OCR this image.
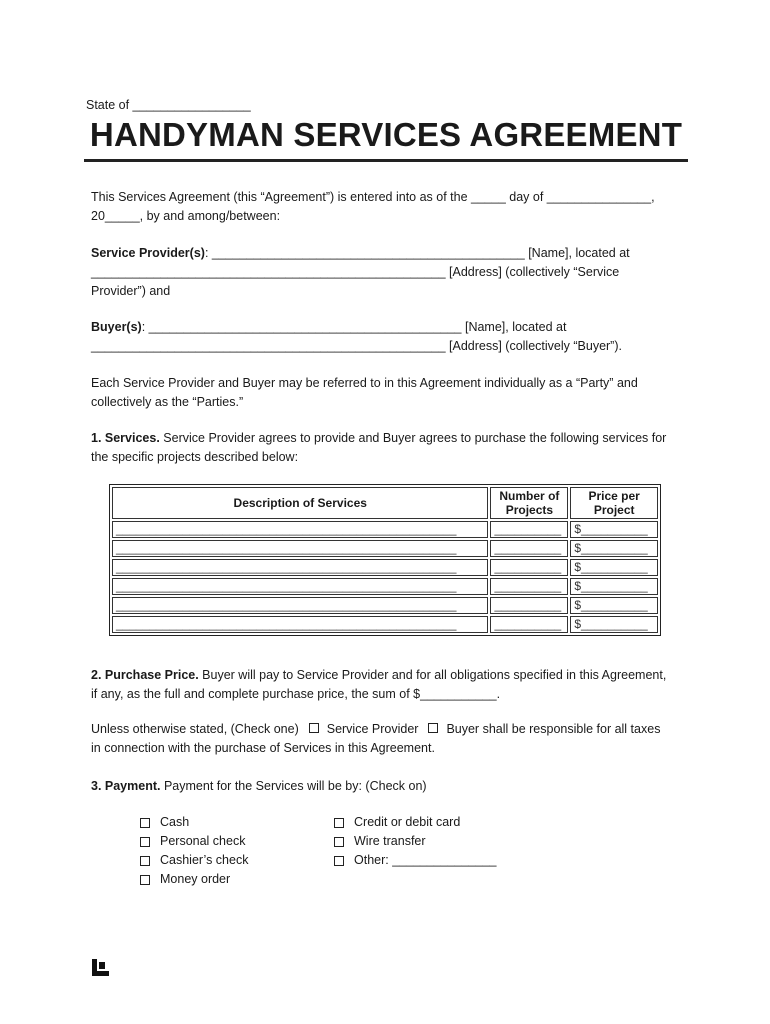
State of _________________
HANDYMAN SERVICES AGREEMENT
This Services Agreement (this “Agreement”) is entered into as of the _____ day of _______________,
20_____, by and among/between:
Service Provider(s): _____________________________________________ [Name], located at
___________________________________________________ [Address] (collectively “Service
Provider”) and
Buyer(s): _____________________________________________ [Name], located at
___________________________________________________ [Address] (collectively “Buyer”).
Each Service Provider and Buyer may be referred to in this Agreement individually as a “Party” and
collectively as the “Parties.”
1. Services. Service Provider agrees to provide and Buyer agrees to purchase the following services for
the specific projects described below:
Description of Services	Number of Projects	Price per Project
___________________________________________________	__________	$__________
___________________________________________________	__________	$__________
___________________________________________________	__________	$__________
___________________________________________________	__________	$__________
___________________________________________________	__________	$__________
___________________________________________________	__________	$__________
2. Purchase Price. Buyer will pay to Service Provider and for all obligations specified in this Agreement,
if any, as the full and complete purchase price, the sum of $___________.
Unless otherwise stated, (Check one) Service Provider Buyer shall be responsible for all taxes
in connection with the purchase of Services in this Agreement.
3. Payment. Payment for the Services will be by: (Check on)
Cash
Personal check
Cashier’s check
Money order
Credit or debit card
Wire transfer
Other: _______________
